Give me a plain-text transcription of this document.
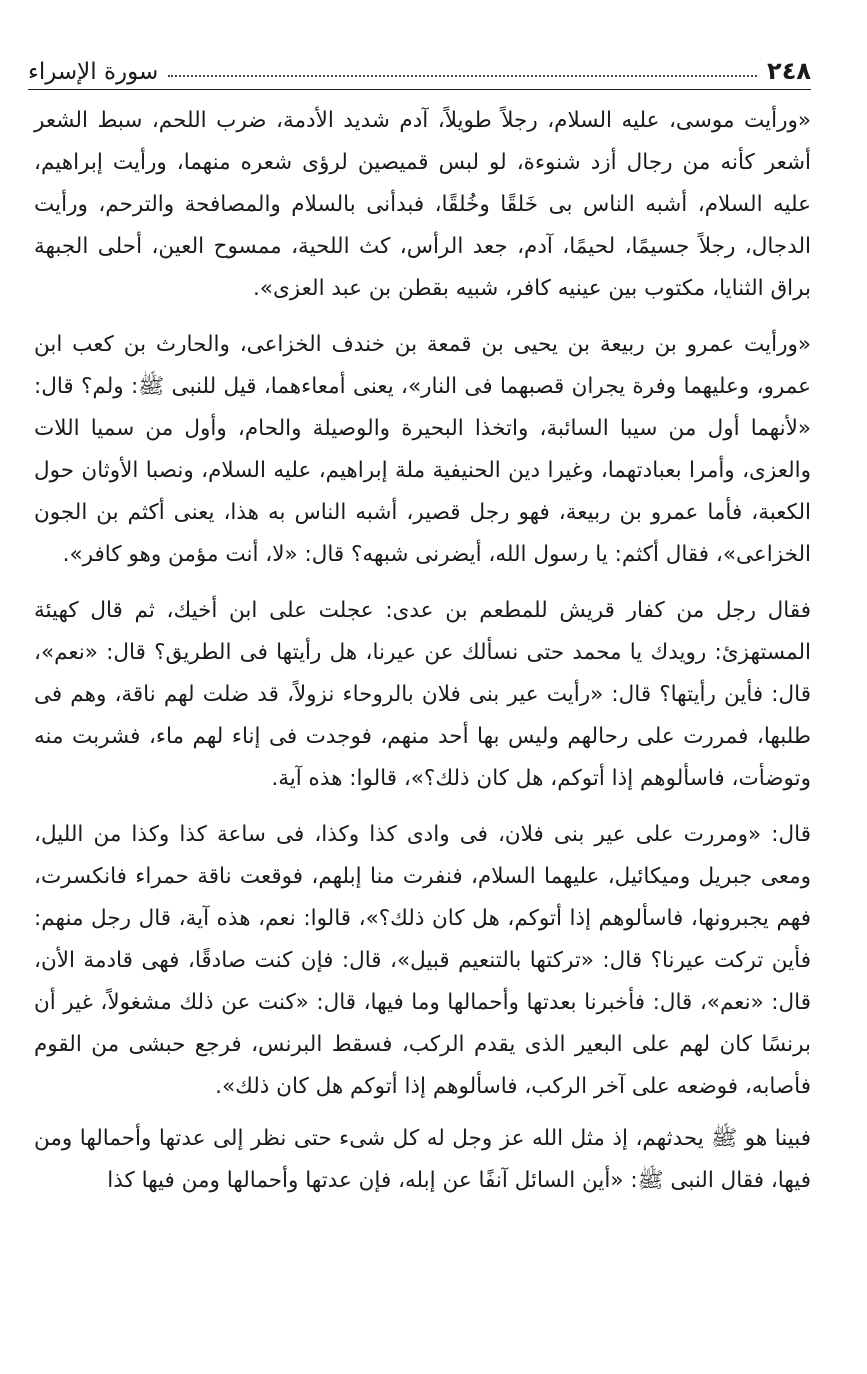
٢٤٨
سورة الإسراء

«ورأيت موسى، عليه السلام، رجلاً طويلاً، آدم شديد الأدمة، ضرب اللحم، سبط الشعر أشعر كأنه من رجال أزد شنوءة، لو لبس قميصين لرؤى شعره منهما، ورأيت إبراهيم، عليه السلام، أشبه الناس بى خَلقًا وخُلقًا، فبدأنى بالسلام والمصافحة والترحم، ورأيت الدجال، رجلاً جسيمًا، لحيمًا، آدم، جعد الرأس، كث اللحية، ممسوح العين، أحلى الجبهة براق الثنايا، مكتوب بين عينيه كافر، شبيه بقطن بن عبد العزى».

«ورأيت عمرو بن ربيعة بن يحيى بن قمعة بن خندف الخزاعى، والحارث بن كعب ابن عمرو، وعليهما وفرة يجران قصبهما فى النار»، يعنى أمعاءهما، قيل للنبى ﷺ: ولم؟ قال: «لأنهما أول من سيبا السائبة، واتخذا البحيرة والوصيلة والحام، وأول من سميا اللات والعزى، وأمرا بعبادتهما، وغيرا دين الحنيفية ملة إبراهيم، عليه السلام، ونصبا الأوثان حول الكعبة، فأما عمرو بن ربيعة، فهو رجل قصير، أشبه الناس به هذا، يعنى أكثم بن الجون الخزاعى»، فقال أكثم: يا رسول الله، أيضرنى شبهه؟ قال: «لا، أنت مؤمن وهو كافر».

فقال رجل من كفار قريش للمطعم بن عدى: عجلت على ابن أخيك، ثم قال كهيئة المستهزئ: رويدك يا محمد حتى نسألك عن عيرنا، هل رأيتها فى الطريق؟ قال: «نعم»، قال: فأين رأيتها؟ قال: «رأيت عير بنى فلان بالروحاء نزولاً، قد ضلت لهم ناقة، وهم فى طلبها، فمررت على رحالهم وليس بها أحد منهم، فوجدت فى إناء لهم ماء، فشربت منه وتوضأت، فاسألوهم إذا أتوكم، هل كان ذلك؟»، قالوا: هذه آية.

قال: «ومررت على عير بنى فلان، فى وادى كذا وكذا، فى ساعة كذا وكذا من الليل، ومعى جبريل وميكائيل، عليهما السلام، فنفرت منا إبلهم، فوقعت ناقة حمراء فانكسرت، فهم يجبرونها، فاسألوهم إذا أتوكم، هل كان ذلك؟»، قالوا: نعم، هذه آية، قال رجل منهم: فأين تركت عيرنا؟ قال: «تركتها بالتنعيم قبيل»، قال: فإن كنت صادقًا، فهى قادمة الأن، قال: «نعم»، قال: فأخبرنا بعدتها وأحمالها وما فيها، قال: «كنت عن ذلك مشغولاً، غير أن برنسًا كان لهم على البعير الذى يقدم الركب، فسقط البرنس، فرجع حبشى من القوم فأصابه، فوضعه على آخر الركب، فاسألوهم إذا أتوكم هل كان ذلك».

فبينا هو ﷺ يحدثهم، إذ مثل الله عز وجل له كل شىء حتى نظر إلى عدتها وأحمالها ومن فيها، فقال النبى ﷺ: «أين السائل آنفًا عن إبله، فإن عدتها وأحمالها ومن فيها كذا
